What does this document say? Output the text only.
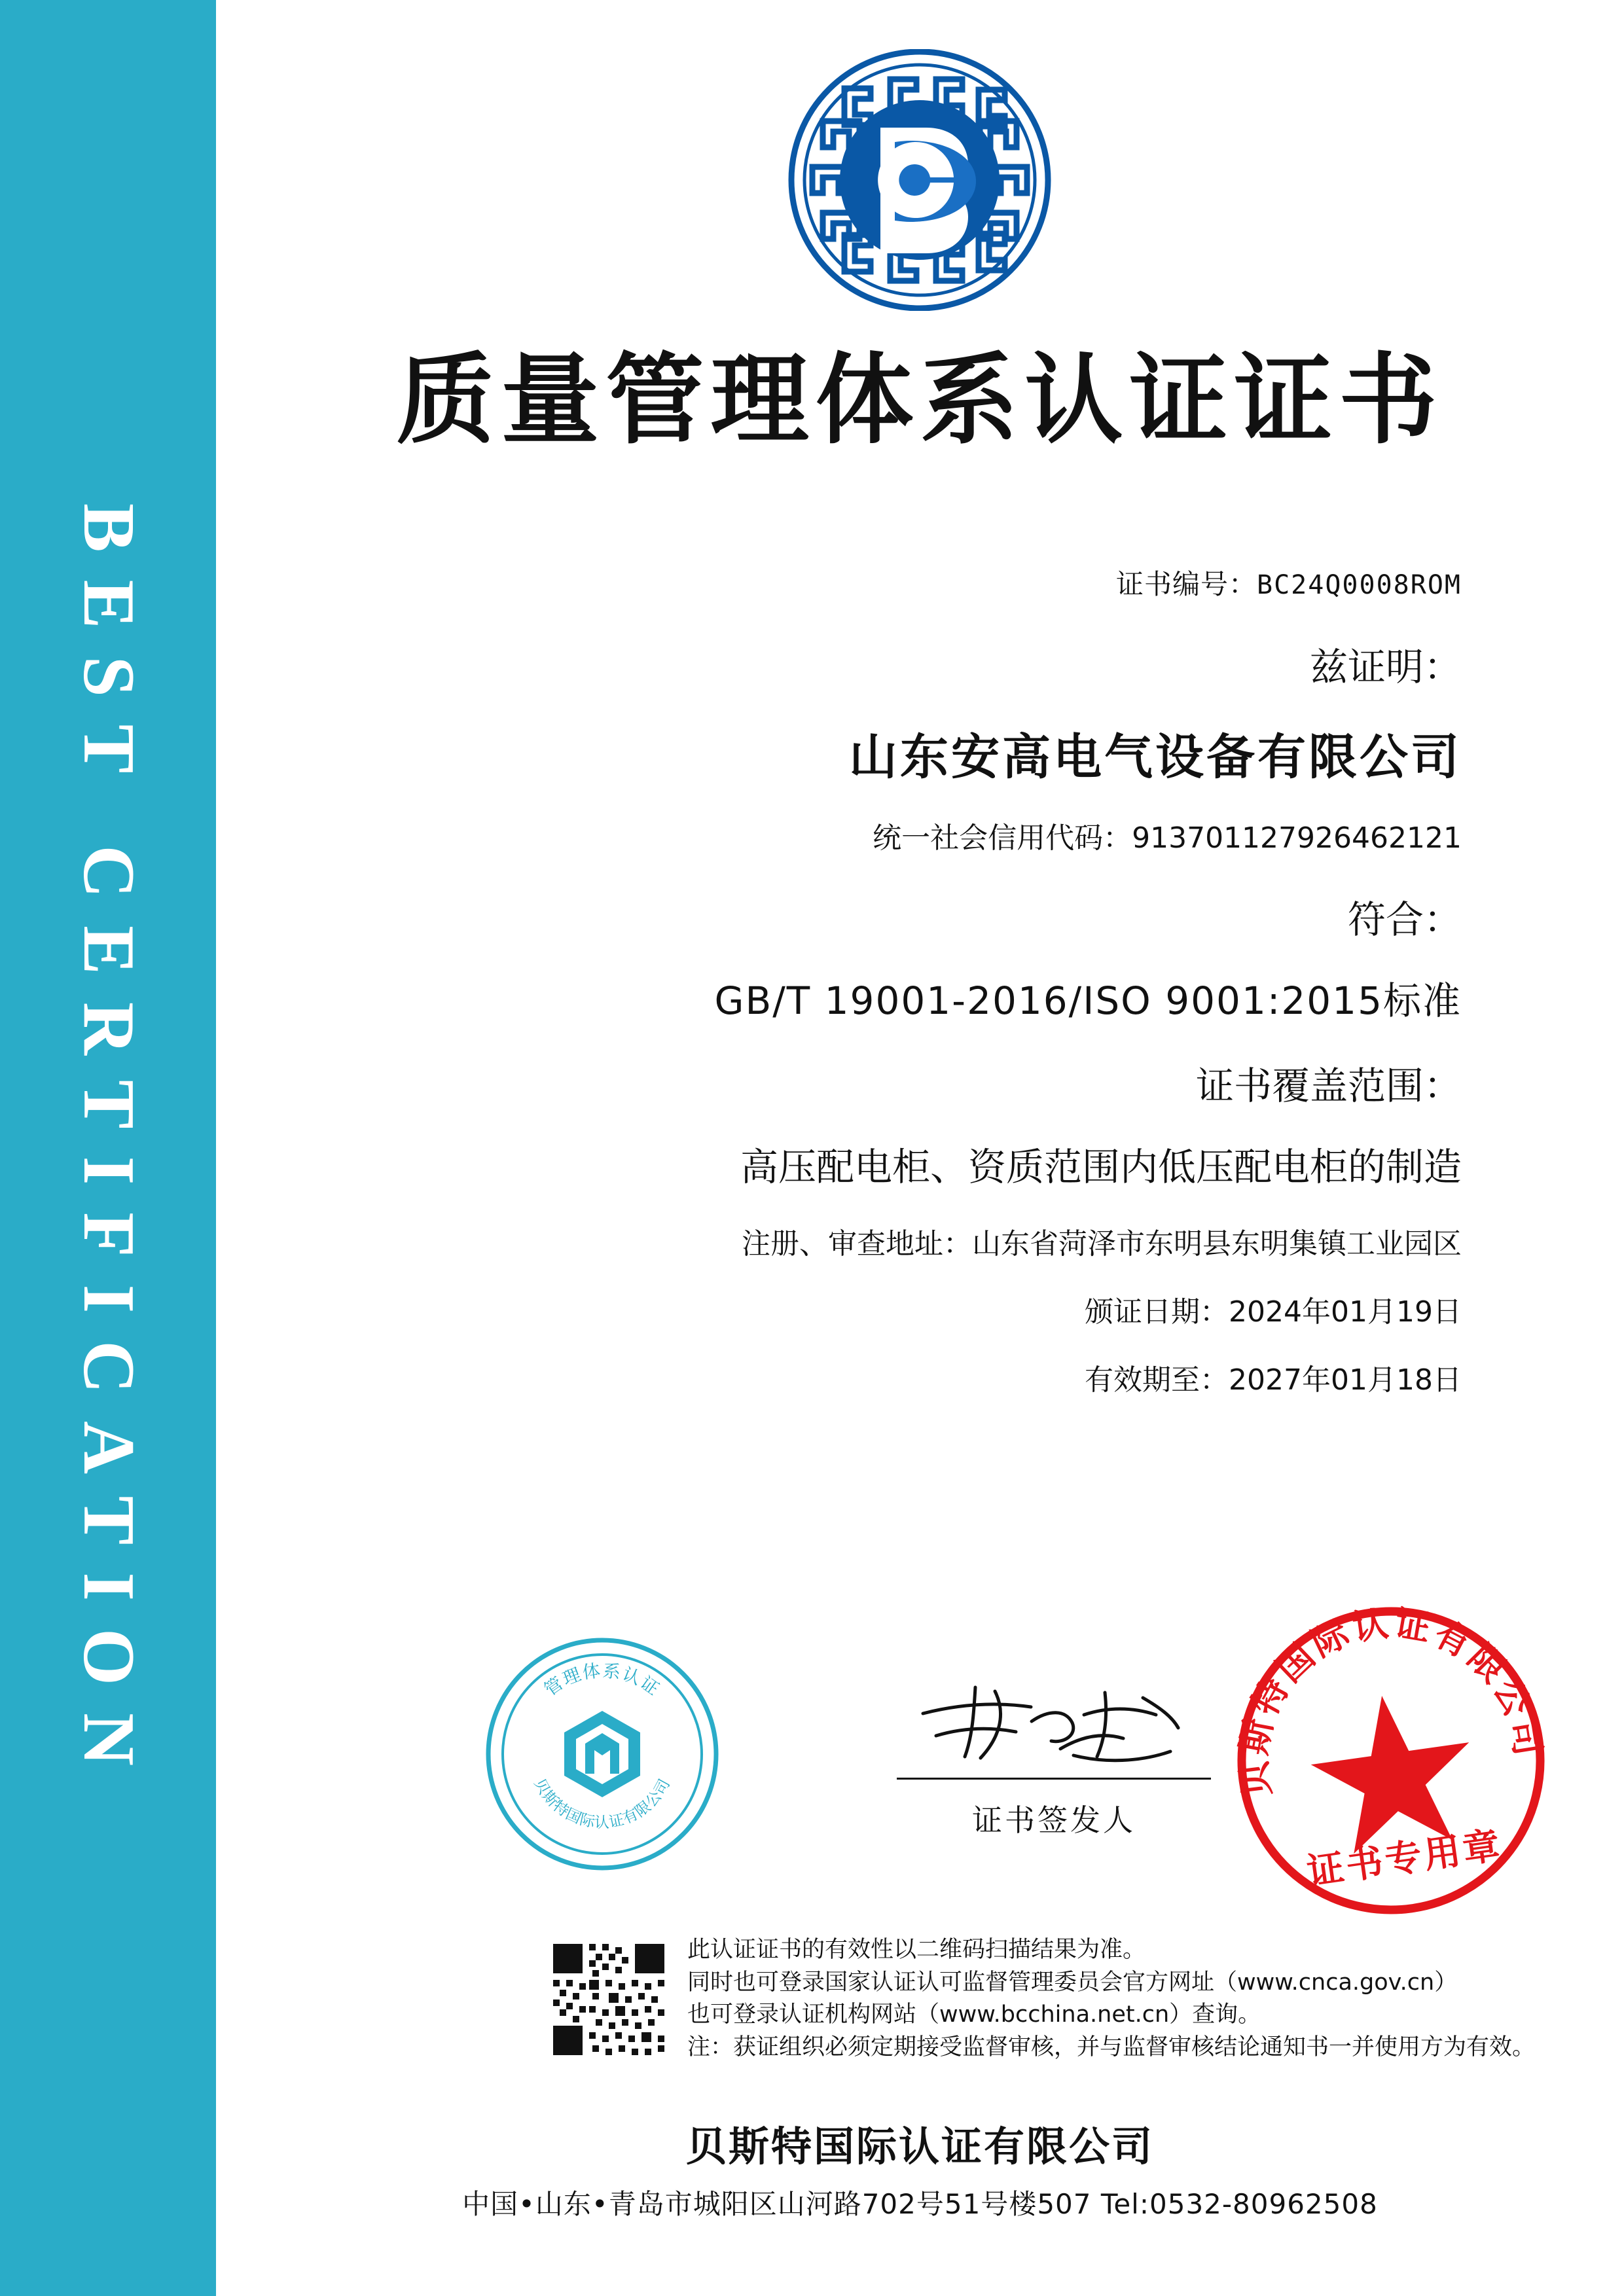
BEST CERTIFICATION
质量管理体系认证证书
证书编号：BC24Q0008ROM
兹证明：
山东安高电气设备有限公司
统一社会信用代码：913701127926462121
符合：
GB/T 19001-2016/ISO 9001:2015标准
证书覆盖范围：
高压配电柜、资质范围内低压配电柜的制造
注册、审查地址：山东省菏泽市东明县东明集镇工业园区
颁证日期：2024年01月19日
有效期至：2027年01月18日
管理体系认证
贝斯特国际认证有限公司
证书签发人
贝斯特国际认证有限公司
证书专用章
此认证证书的有效性以二维码扫描结果为准。
同时也可登录国家认证认可监督管理委员会官方网址（www.cnca.gov.cn）
也可登录认证机构网站（www.bcchina.net.cn）查询。
注：获证组织必须定期接受监督审核，并与监督审核结论通知书一并使用方为有效。
贝斯特国际认证有限公司
中国•山东•青岛市城阳区山河路702号51号楼507 Tel:0532-80962508
